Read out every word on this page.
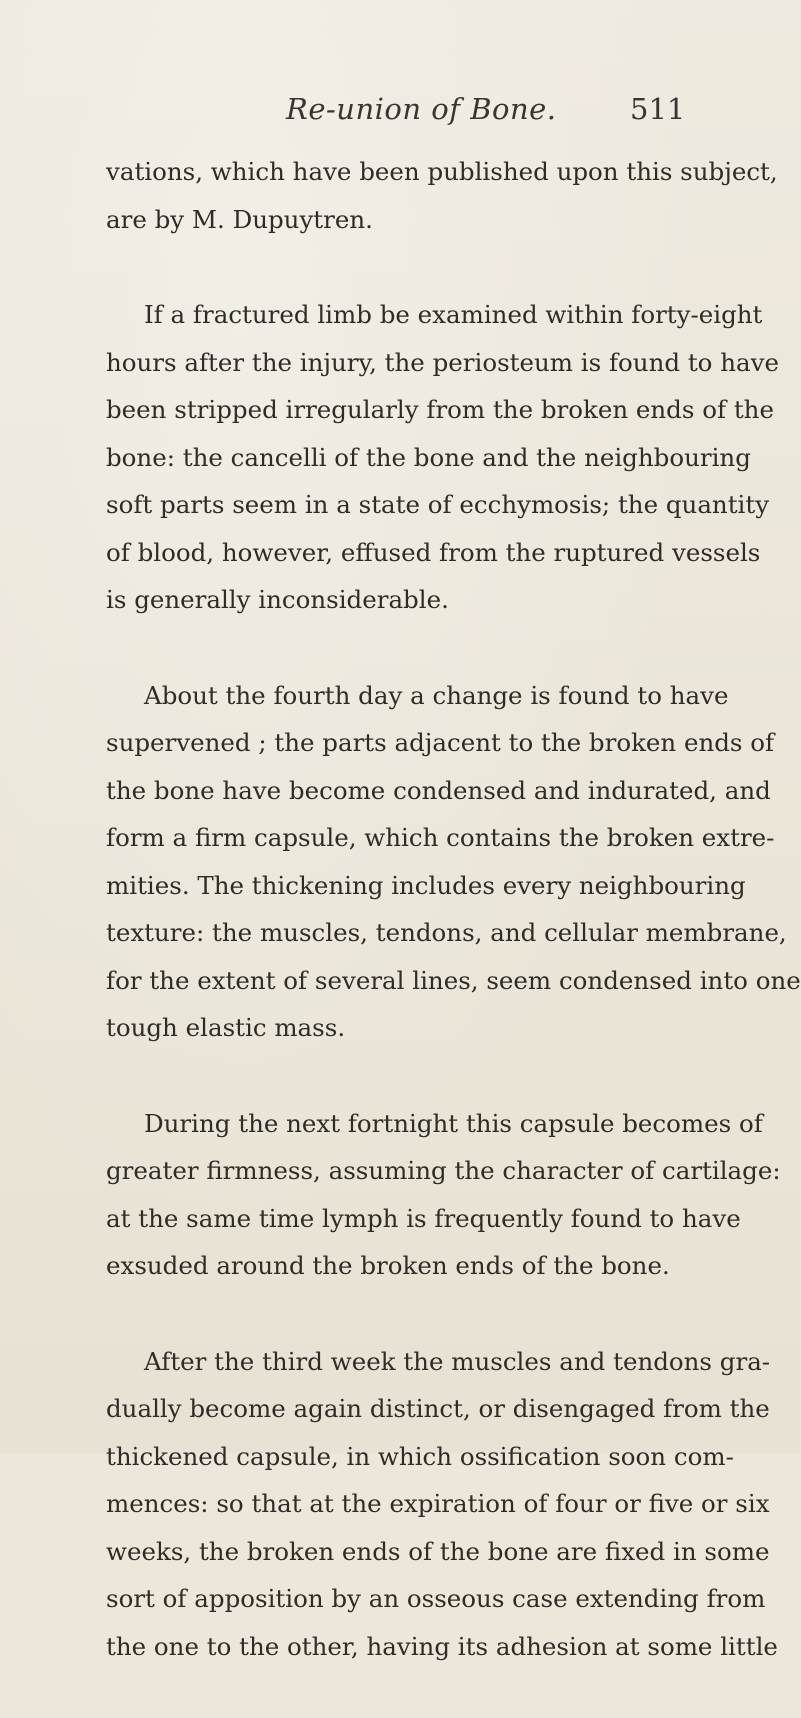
Re-union of Bone.	511

vations, which have been published upon this subject,
are by M. Dupuytren.

If a fractured limb be examined within forty-eight
hours after the injury, the periosteum is found to have
been stripped irregularly from the broken ends of the
bone: the cancelli of the bone and the neighbouring
soft parts seem in a state of ecchymosis; the quantity
of blood, however, effused from the ruptured vessels
is generally inconsiderable.

About the fourth day a change is found to have
supervened ; the parts adjacent to the broken ends of
the bone have become condensed and indurated, and
form a firm capsule, which contains the broken extre-
mities. The thickening includes every neighbouring
texture: the muscles, tendons, and cellular membrane,
for the extent of several lines, seem condensed into one
tough elastic mass.

During the next fortnight this capsule becomes of
greater firmness, assuming the character of cartilage:
at the same time lymph is frequently found to have
exsuded around the broken ends of the bone.

After the third week the muscles and tendons gra-
dually become again distinct, or disengaged from the
thickened capsule, in which ossification soon com-
mences: so that at the expiration of four or five or six
weeks, the broken ends of the bone are fixed in some
sort of apposition by an osseous case extending from
the one to the other, having its adhesion at some little
